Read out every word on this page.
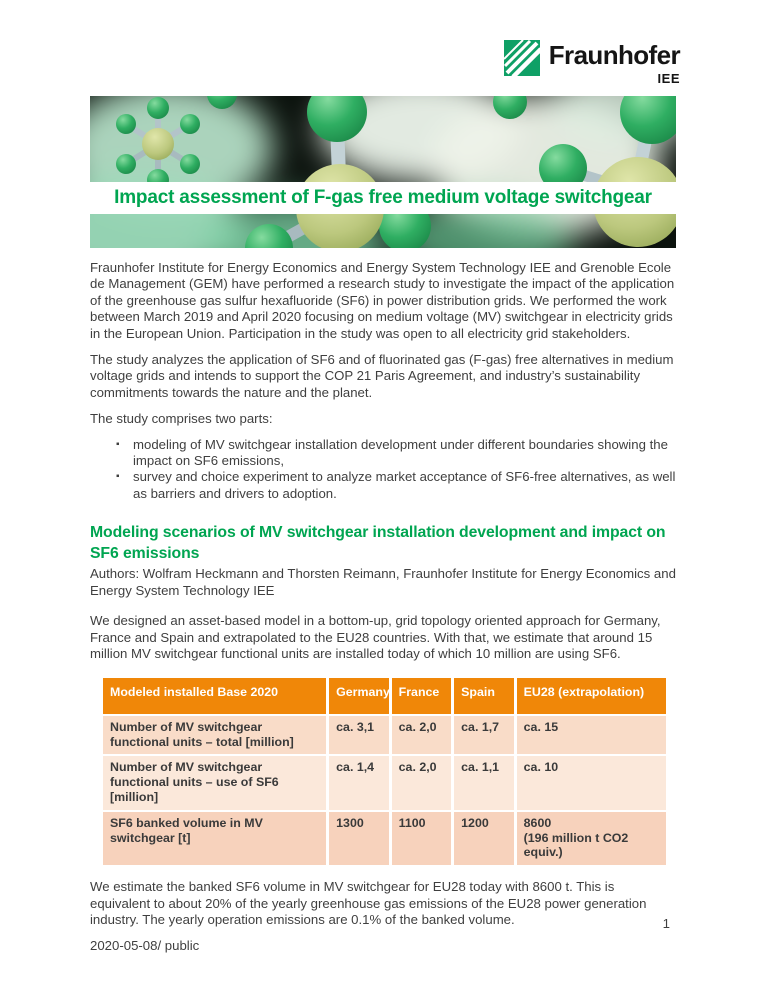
Fraunhofer
IEE
Impact assessment of F-gas free medium voltage switchgear

Fraunhofer Institute for Energy Economics and Energy System Technology IEE and Grenoble Ecole de Management (GEM) have performed a research study to investigate the impact of the application of the greenhouse gas sulfur hexafluoride (SF6) in power distribution grids. We performed the work between March 2019 and April 2020 focusing on medium voltage (MV) switchgear in electricity grids in the European Union. Participation in the study was open to all electricity grid stakeholders.

The study analyzes the application of SF6 and of fluorinated gas (F-gas) free alternatives in medium voltage grids and intends to support the COP 21 Paris Agreement, and industry’s sustainability commitments towards the nature and the planet.

The study comprises two parts:

▪ modeling of MV switchgear installation development under different boundaries showing the impact on SF6 emissions,
▪ survey and choice experiment to analyze market acceptance of SF6-free alternatives, as well as barriers and drivers to adoption.
Modeling scenarios of MV switchgear installation development and impact on SF6 emissions

Authors: Wolfram Heckmann and Thorsten Reimann, Fraunhofer Institute for Energy Economics and Energy System Technology IEE

We designed an asset-based model in a bottom-up, grid topology oriented approach for Germany, France and Spain and extrapolated to the EU28 countries. With that, we estimate that around 15 million MV switchgear functional units are installed today of which 10 million are using SF6.

Modeled installed Base 2020	Germany	France	Spain	EU28 (extrapolation)
Number of MV switchgear functional units – total [million]	ca. 3,1	ca. 2,0	ca. 1,7	ca. 15
Number of MV switchgear functional units – use of SF6 [million]	ca. 1,4	ca. 2,0	ca. 1,1	ca. 10
SF6 banked volume in MV switchgear [t]	1300	1100	1200	8600
(196 million t CO2 equiv.)

We estimate the banked SF6 volume in MV switchgear for EU28 today with 8600 t. This is equivalent to about 20% of the yearly greenhouse gas emissions of the EU28 power generation industry. The yearly operation emissions are 0.1% of the banked volume.	1
2020-05-08/ public
